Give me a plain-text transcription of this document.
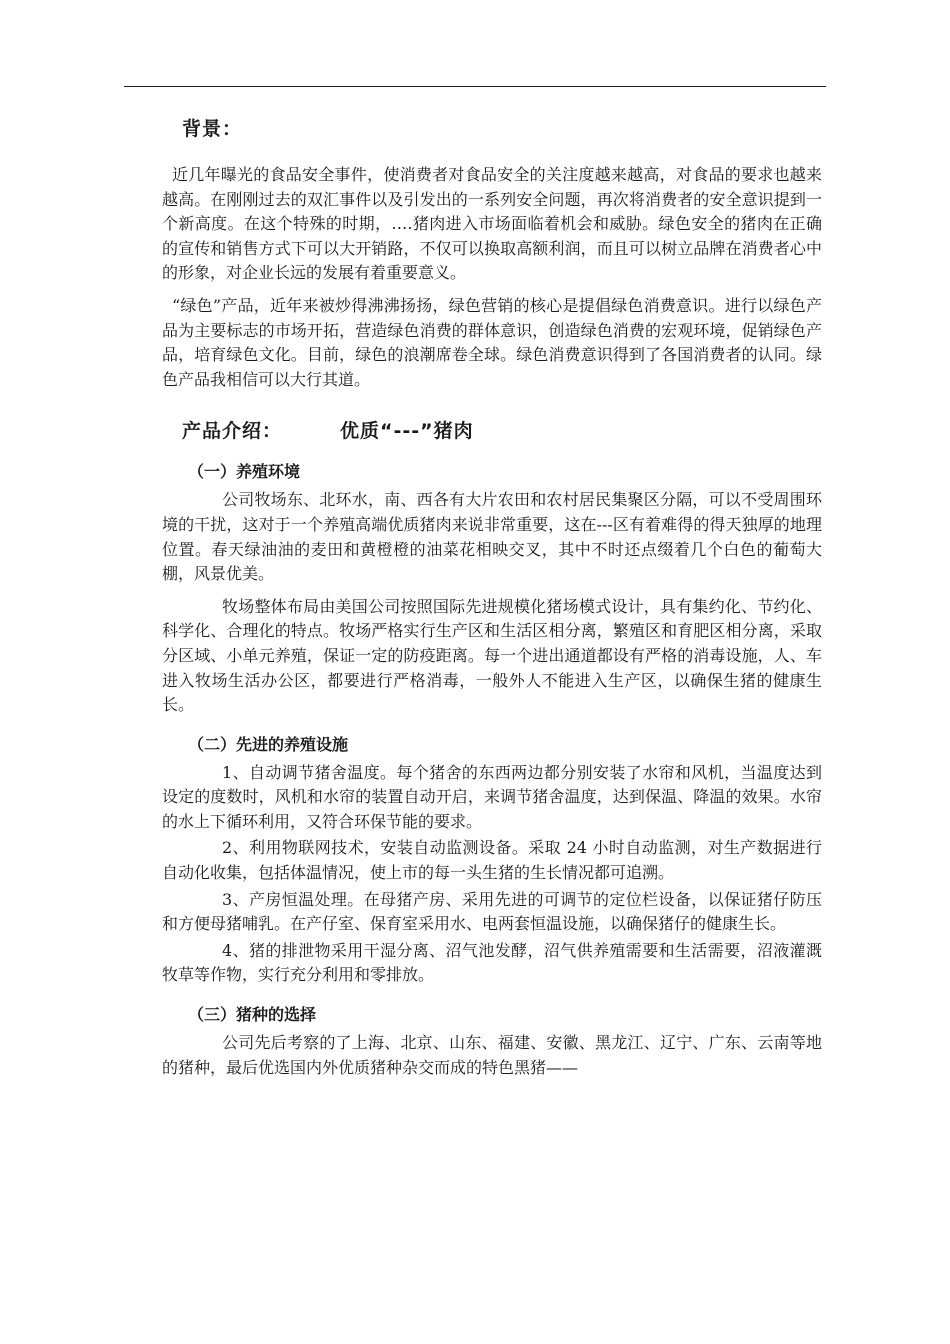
背景：

近几年曝光的食品安全事件，使消费者对食品安全的关注度越来越高，对食品的要求也越来越高。在刚刚过去的双汇事件以及引发出的一系列安全问题，再次将消费者的安全意识提到一个新高度。在这个特殊的时期，….猪肉进入市场面临着机会和威胁。绿色安全的猪肉在正确的宣传和销售方式下可以大开销路，不仅可以换取高额利润，而且可以树立品牌在消费者心中的形象，对企业长远的发展有着重要意义。

“绿色”产品，近年来被炒得沸沸扬扬，绿色营销的核心是提倡绿色消费意识。进行以绿色产品为主要标志的市场开拓，营造绿色消费的群体意识，创造绿色消费的宏观环境，促销绿色产品，培育绿色文化。目前，绿色的浪潮席卷全球。绿色消费意识得到了各国消费者的认同。绿色产品我相信可以大行其道。

产品介绍：	优质“---”猪肉
（一）养殖环境

公司牧场东、北环水，南、西各有大片农田和农村居民集聚区分隔，可以不受周围环境的干扰，这对于一个养殖高端优质猪肉来说非常重要，这在---区有着难得的得天独厚的地理位置。春天绿油油的麦田和黄橙橙的油菜花相映交叉，其中不时还点缀着几个白色的葡萄大棚，风景优美。

牧场整体布局由美国公司按照国际先进规模化猪场模式设计，具有集约化、节约化、科学化、合理化的特点。牧场严格实行生产区和生活区相分离，繁殖区和育肥区相分离，采取分区域、小单元养殖，保证一定的防疫距离。每一个进出通道都设有严格的消毒设施，人、车进入牧场生活办公区，都要进行严格消毒，一般外人不能进入生产区，以确保生猪的健康生长。

（二）先进的养殖设施

1、自动调节猪舍温度。每个猪舍的东西两边都分别安装了水帘和风机，当温度达到设定的度数时，风机和水帘的装置自动开启，来调节猪舍温度，达到保温、降温的效果。水帘的水上下循环利用，又符合环保节能的要求。

2、利用物联网技术，安装自动监测设备。采取 24 小时自动监测，对生产数据进行自动化收集，包括体温情况，使上市的每一头生猪的生长情况都可追溯。

3、产房恒温处理。在母猪产房、采用先进的可调节的定位栏设备，以保证猪仔防压和方便母猪哺乳。在产仔室、保育室采用水、电两套恒温设施，以确保猪仔的健康生长。

4、猪的排泄物采用干湿分离、沼气池发酵，沼气供养殖需要和生活需要，沼液灌溉牧草等作物，实行充分利用和零排放。

（三）猪种的选择

公司先后考察的了上海、北京、山东、福建、安徽、黑龙江、辽宁、广东、云南等地的猪种，最后优选国内外优质猪种杂交而成的特色黑猪——
